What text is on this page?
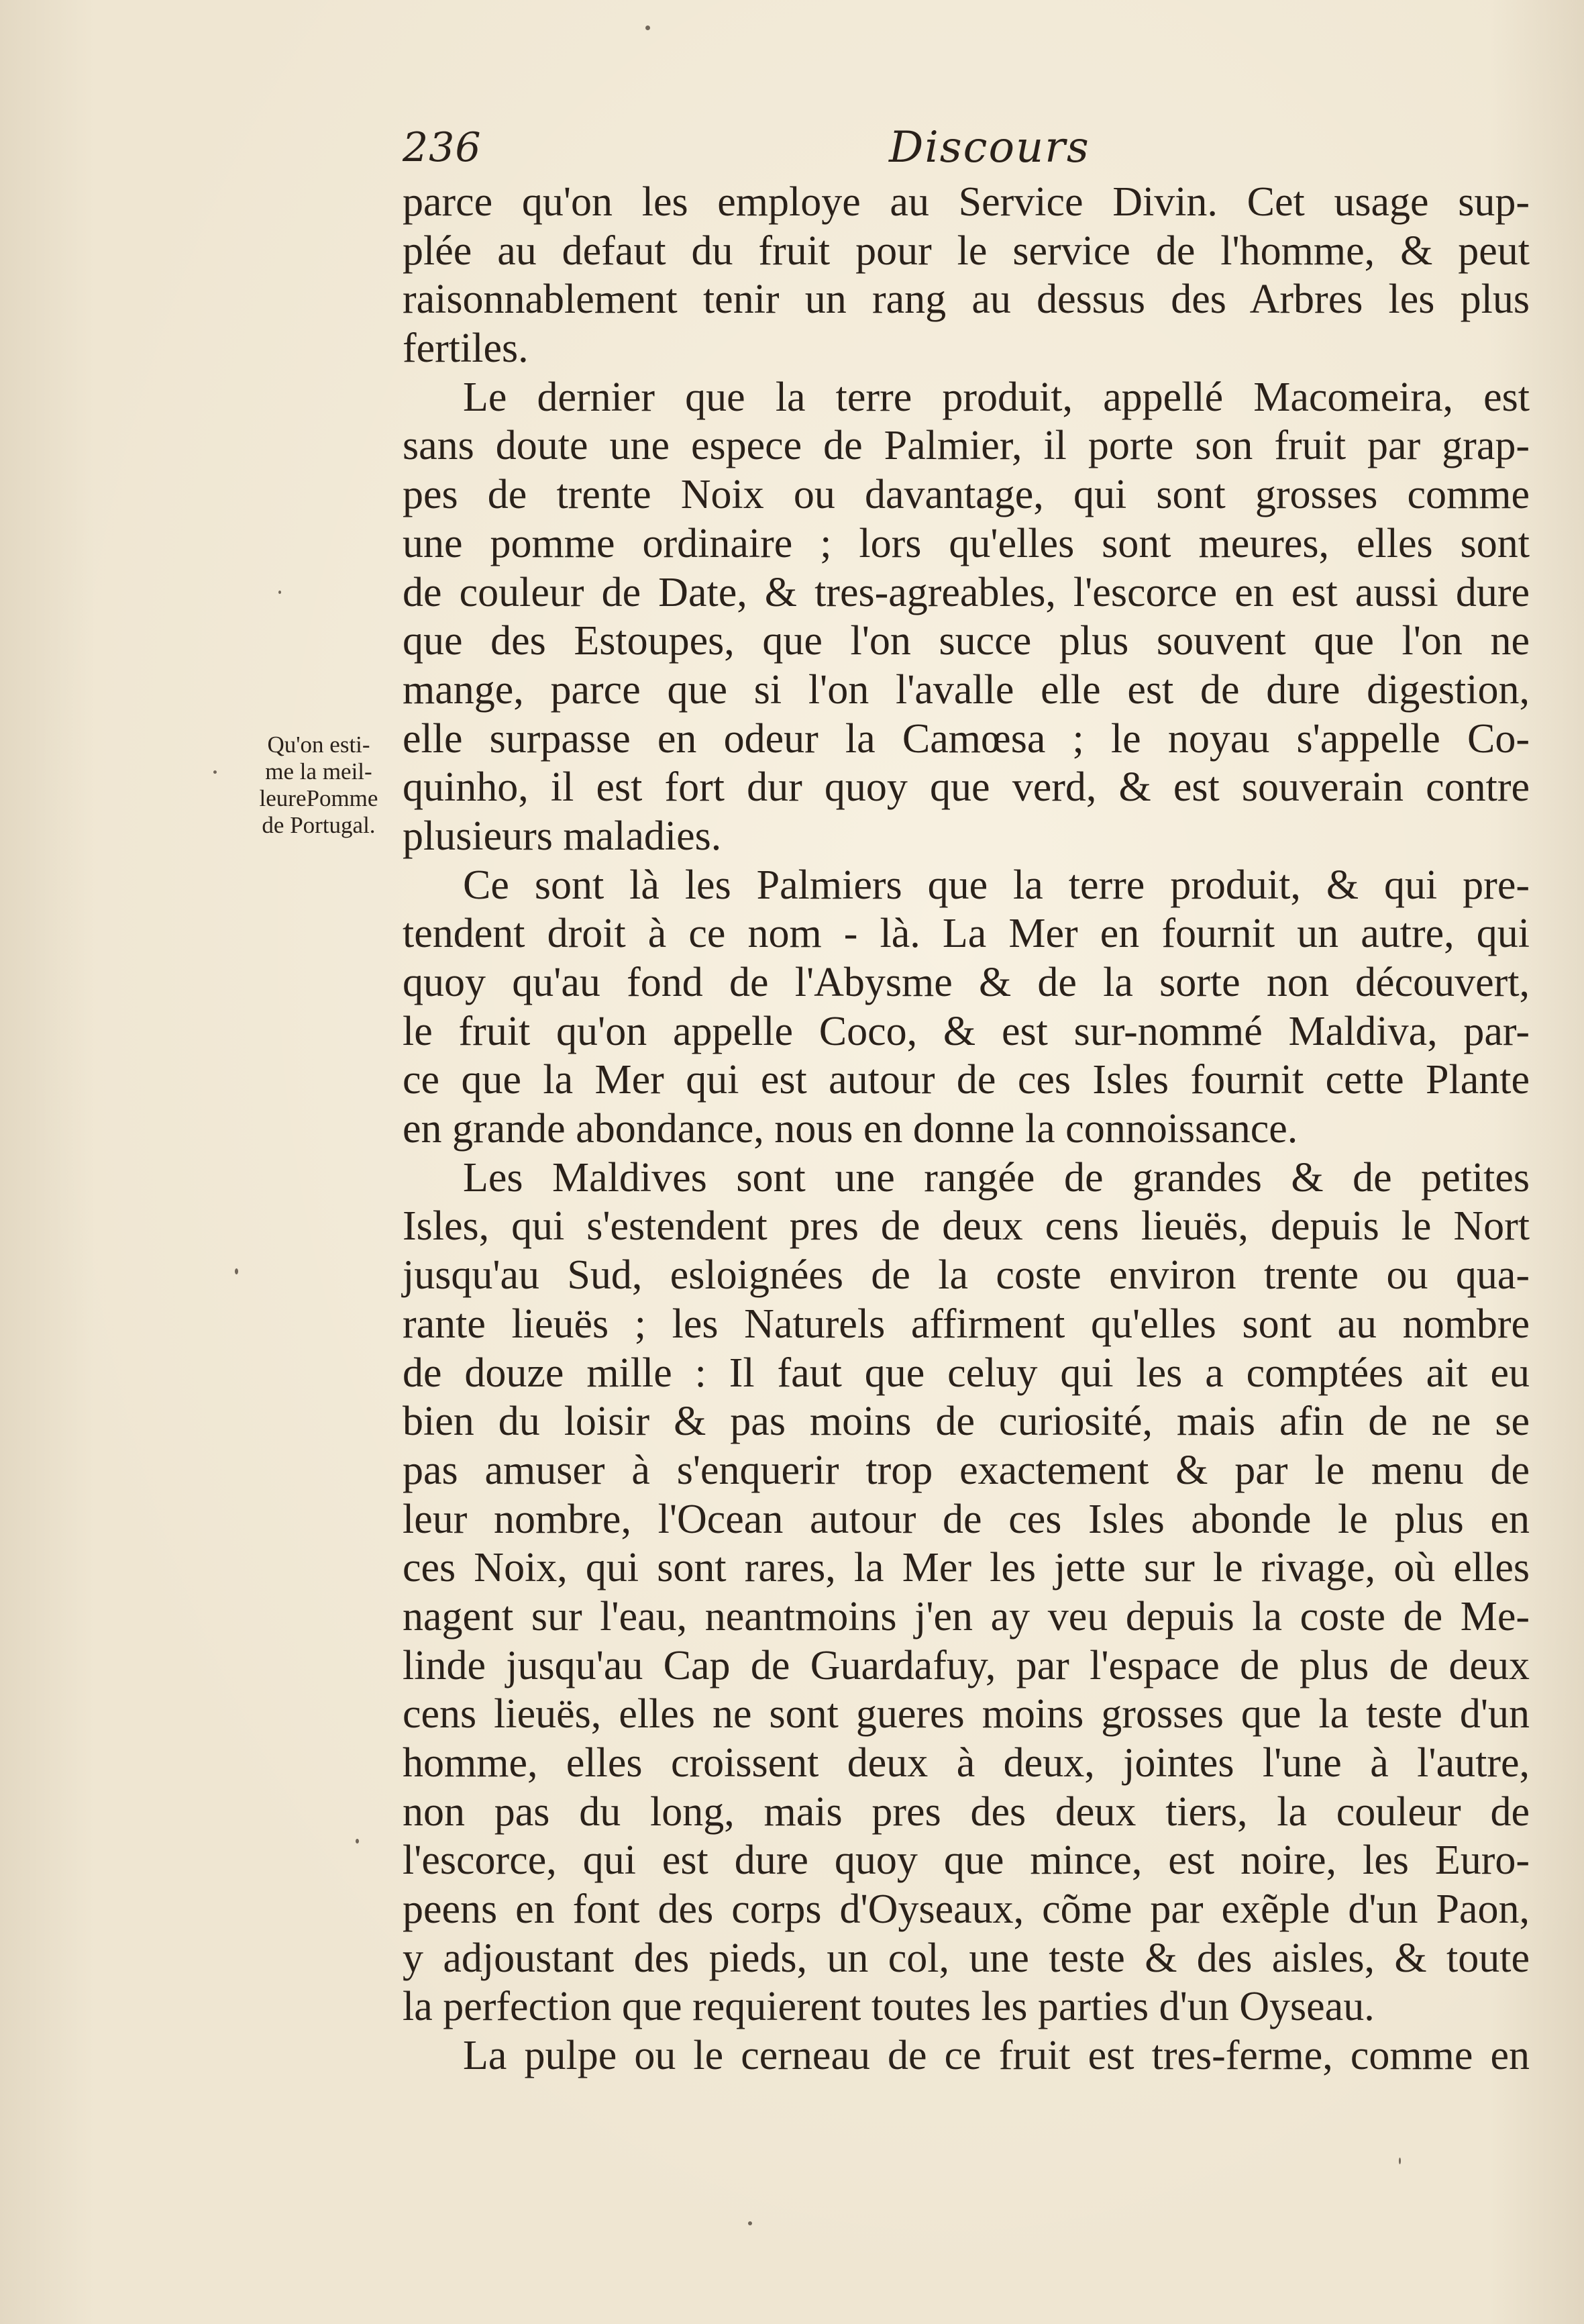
236	Discours
Qu'on esti-
me la meil-
leurePomme
de Portugal.
parce qu'on les employe au Service Divin. Cet usage sup-
plée au defaut du fruit pour le service de l'homme, & peut
raisonnablement tenir un rang au dessus des Arbres les plus
fertiles.
Le dernier que la terre produit, appellé Macomeira, est
sans doute une espece de Palmier, il porte son fruit par grap-
pes de trente Noix ou davantage, qui sont grosses comme
une pomme ordinaire ; lors qu'elles sont meures, elles sont
de couleur de Date, & tres-agreables, l'escorce en est aussi dure
que des Estoupes, que l'on succe plus souvent que l'on ne
mange, parce que si l'on l'avalle elle est de dure digestion,
elle surpasse en odeur la Camœsa ; le noyau s'appelle Co-
quinho, il est fort dur quoy que verd, & est souverain contre
plusieurs maladies.
Ce sont là les Palmiers que la terre produit, & qui pre-
tendent droit à ce nom - là. La Mer en fournit un autre, qui
quoy qu'au fond de l'Abysme & de la sorte non découvert,
le fruit qu'on appelle Coco, & est sur-nommé Maldiva, par-
ce que la Mer qui est autour de ces Isles fournit cette Plante
en grande abondance, nous en donne la connoissance.
Les Maldives sont une rangée de grandes & de petites
Isles, qui s'estendent pres de deux cens lieuës, depuis le Nort
jusqu'au Sud, esloignées de la coste environ trente ou qua-
rante lieuës ; les Naturels affirment qu'elles sont au nombre
de douze mille : Il faut que celuy qui les a comptées ait eu
bien du loisir & pas moins de curiosité, mais afin de ne se
pas amuser à s'enquerir trop exactement & par le menu de
leur nombre, l'Ocean autour de ces Isles abonde le plus en
ces Noix, qui sont rares, la Mer les jette sur le rivage, où elles
nagent sur l'eau, neantmoins j'en ay veu depuis la coste de Me-
linde jusqu'au Cap de Guardafuy, par l'espace de plus de deux
cens lieuës, elles ne sont gueres moins grosses que la teste d'un
homme, elles croissent deux à deux, jointes l'une à l'autre,
non pas du long, mais pres des deux tiers, la couleur de
l'escorce, qui est dure quoy que mince, est noire, les Euro-
peens en font des corps d'Oyseaux, cõme par exẽple d'un Paon,
y adjoustant des pieds, un col, une teste & des aisles, & toute
la perfection que requierent toutes les parties d'un Oyseau.
La pulpe ou le cerneau de ce fruit est tres-ferme, comme en
